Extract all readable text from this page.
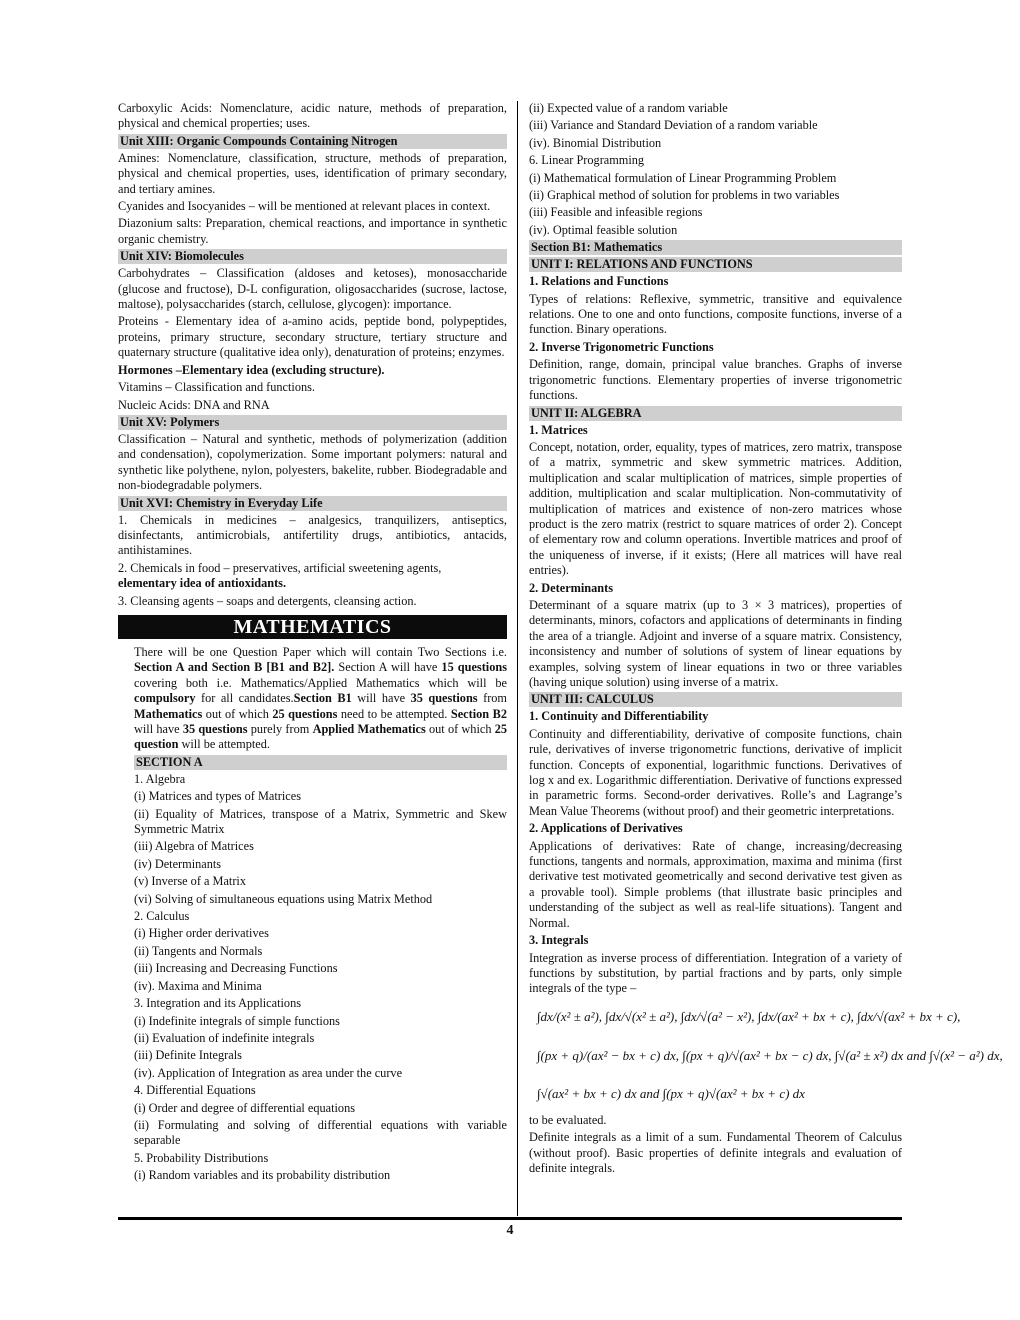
Carboxylic Acids: Nomenclature, acidic nature, methods of preparation, physical and chemical properties; uses.
Unit XIII: Organic Compounds Containing Nitrogen
Amines: Nomenclature, classification, structure, methods of preparation, physical and chemical properties, uses, identification of primary secondary, and tertiary amines.
Cyanides and Isocyanides – will be mentioned at relevant places in context.
Diazonium salts: Preparation, chemical reactions, and importance in synthetic organic chemistry.
Unit XIV: Biomolecules
Carbohydrates – Classification (aldoses and ketoses), monosaccharide (glucose and fructose), D-L configuration, oligosaccharides (sucrose, lactose, maltose), polysaccharides (starch, cellulose, glycogen): importance.
Proteins - Elementary idea of a-amino acids, peptide bond, polypeptides, proteins, primary structure, secondary structure, tertiary structure and quaternary structure (qualitative idea only), denaturation of proteins; enzymes.
Hormones –Elementary idea (excluding structure).
Vitamins – Classification and functions.
Nucleic Acids: DNA and RNA
Unit XV: Polymers
Classification – Natural and synthetic, methods of polymerization (addition and condensation), copolymerization. Some important polymers: natural and synthetic like polythene, nylon, polyesters, bakelite, rubber. Biodegradable and non-biodegradable polymers.
Unit XVI: Chemistry in Everyday Life
1. Chemicals in medicines – analgesics, tranquilizers, antiseptics, disinfectants, antimicrobials, antifertility drugs, antibiotics, antacids, antihistamines.
2. Chemicals in food – preservatives, artificial sweetening agents,
elementary idea of antioxidants.
3. Cleansing agents – soaps and detergents, cleansing action.
MATHEMATICS
There will be one Question Paper which will contain Two Sections i.e. Section A and Section B [B1 and B2]. Section A will have 15 questions covering both i.e. Mathematics/Applied Mathematics which will be compulsory for all candidates.Section B1 will have 35 questions from Mathematics out of which 25 questions need to be attempted. Section B2 will have 35 questions purely from Applied Mathematics out of which 25 question will be attempted.
SECTION A
1. Algebra
(i) Matrices and types of Matrices
(ii) Equality of Matrices, transpose of a Matrix, Symmetric and Skew Symmetric Matrix
(iii) Algebra of Matrices
(iv) Determinants
(v) Inverse of a Matrix
(vi) Solving of simultaneous equations using Matrix Method
2. Calculus
(i) Higher order derivatives
(ii) Tangents and Normals
(iii) Increasing and Decreasing Functions
(iv). Maxima and Minima
3. Integration and its Applications
(i) Indefinite integrals of simple functions
(ii) Evaluation of indefinite integrals
(iii) Definite Integrals
(iv). Application of Integration as area under the curve
4. Differential Equations
(i) Order and degree of differential equations
(ii) Formulating and solving of differential equations with variable separable
5. Probability Distributions
(i) Random variables and its probability distribution
(ii) Expected value of a random variable
(iii) Variance and Standard Deviation of a random variable
(iv). Binomial Distribution
6. Linear Programming
(i) Mathematical formulation of Linear Programming Problem
(ii) Graphical method of solution for problems in two variables
(iii) Feasible and infeasible regions
(iv). Optimal feasible solution
Section B1: Mathematics
UNIT I: RELATIONS AND FUNCTIONS
1. Relations and Functions
Types of relations: Reflexive, symmetric, transitive and equivalence relations. One to one and onto functions, composite functions, inverse of a function. Binary operations.
2. Inverse Trigonometric Functions
Definition, range, domain, principal value branches. Graphs of inverse trigonometric functions. Elementary properties of inverse trigonometric functions.
UNIT II: ALGEBRA
1. Matrices
Concept, notation, order, equality, types of matrices, zero matrix, transpose of a matrix, symmetric and skew symmetric matrices. Addition, multiplication and scalar multiplication of matrices, simple properties of addition, multiplication and scalar multiplication. Non-commutativity of multiplication of matrices and existence of non-zero matrices whose product is the zero matrix (restrict to square matrices of order 2). Concept of elementary row and column operations. Invertible matrices and proof of the uniqueness of inverse, if it exists; (Here all matrices will have real entries).
2. Determinants
Determinant of a square matrix (up to 3 × 3 matrices), properties of determinants, minors, cofactors and applications of determinants in finding the area of a triangle. Adjoint and inverse of a square matrix. Consistency, inconsistency and number of solutions of system of linear equations by examples, solving system of linear equations in two or three variables (having unique solution) using inverse of a matrix.
UNIT III: CALCULUS
1. Continuity and Differentiability
Continuity and differentiability, derivative of composite functions, chain rule, derivatives of inverse trigonometric functions, derivative of implicit function. Concepts of exponential, logarithmic functions. Derivatives of log x and ex. Logarithmic differentiation. Derivative of functions expressed in parametric forms. Second-order derivatives. Rolle’s and Lagrange’s Mean Value Theorems (without proof) and their geometric interpretations.
2. Applications of Derivatives
Applications of derivatives: Rate of change, increasing/decreasing functions, tangents and normals, approximation, maxima and minima (first derivative test motivated geometrically and second derivative test given as a provable tool). Simple problems (that illustrate basic principles and understanding of the subject as well as real-life situations). Tangent and Normal.
3. Integrals
Integration as inverse process of differentiation. Integration of a variety of functions by substitution, by partial fractions and by parts, only simple integrals of the type –
∫dx/(x² ± a²), ∫dx/√(x² ± a²), ∫dx/√(a² − x²), ∫dx/(ax² + bx + c), ∫dx/√(ax² + bx + c),
∫(px + q)/(ax² − bx + c) dx, ∫(px + q)/√(ax² + bx − c) dx, ∫√(a² ± x²) dx and ∫√(x² − a²) dx,
∫√(ax² + bx + c) dx and ∫(px + q)√(ax² + bx + c) dx
to be evaluated.
Definite integrals as a limit of a sum. Fundamental Theorem of Calculus (without proof). Basic properties of definite integrals and evaluation of definite integrals.
4
